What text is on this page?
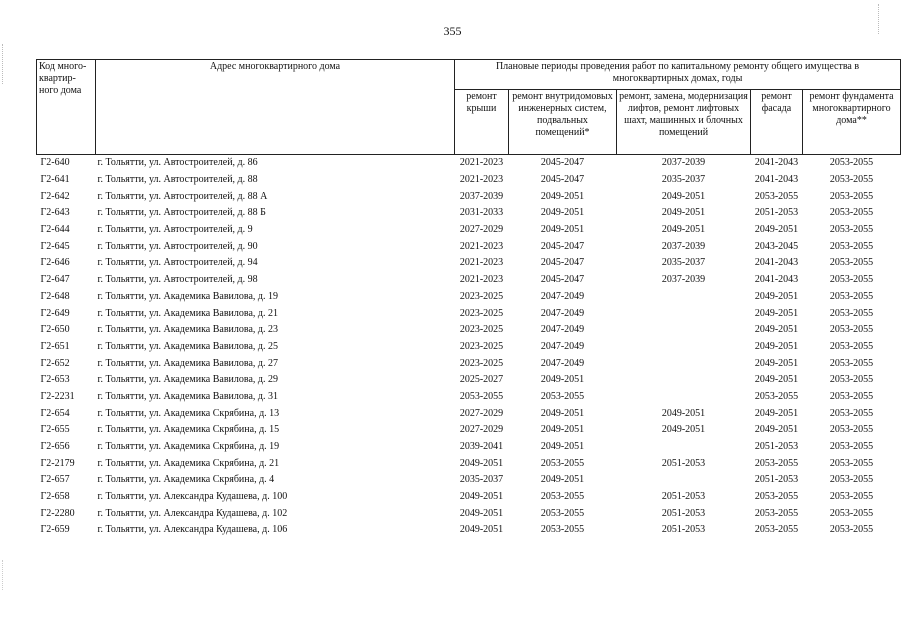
355
Код много-квартир-ного дома	Адрес многоквартирного дома	Плановые периоды проведения работ по капитальному ремонту общего имущества в многоквартирных домах, годы				
		ремонт крыши	ремонт внутридомовых инженерных систем, подвальных помещений*	ремонт, замена, модернизация лифтов, ремонт лифтовых шахт, машинных и блочных помещений	ремонт фасада	ремонт фундамента многоквартирного дома**
Г2-640	г. Тольятти, ул. Автостроителей, д. 86	2021-2023	2045-2047	2037-2039	2041-2043	2053-2055
Г2-641	г. Тольятти, ул. Автостроителей, д. 88	2021-2023	2045-2047	2035-2037	2041-2043	2053-2055
Г2-642	г. Тольятти, ул. Автостроителей, д. 88 А	2037-2039	2049-2051	2049-2051	2053-2055	2053-2055
Г2-643	г. Тольятти, ул. Автостроителей, д. 88 Б	2031-2033	2049-2051	2049-2051	2051-2053	2053-2055
Г2-644	г. Тольятти, ул. Автостроителей, д. 9	2027-2029	2049-2051	2049-2051	2049-2051	2053-2055
Г2-645	г. Тольятти, ул. Автостроителей, д. 90	2021-2023	2045-2047	2037-2039	2043-2045	2053-2055
Г2-646	г. Тольятти, ул. Автостроителей, д. 94	2021-2023	2045-2047	2035-2037	2041-2043	2053-2055
Г2-647	г. Тольятти, ул. Автостроителей, д. 98	2021-2023	2045-2047	2037-2039	2041-2043	2053-2055
Г2-648	г. Тольятти, ул. Академика Вавилова, д. 19	2023-2025	2047-2049		2049-2051	2053-2055
Г2-649	г. Тольятти, ул. Академика Вавилова, д. 21	2023-2025	2047-2049		2049-2051	2053-2055
Г2-650	г. Тольятти, ул. Академика Вавилова, д. 23	2023-2025	2047-2049		2049-2051	2053-2055
Г2-651	г. Тольятти, ул. Академика Вавилова, д. 25	2023-2025	2047-2049		2049-2051	2053-2055
Г2-652	г. Тольятти, ул. Академика Вавилова, д. 27	2023-2025	2047-2049		2049-2051	2053-2055
Г2-653	г. Тольятти, ул. Академика Вавилова, д. 29	2025-2027	2049-2051		2049-2051	2053-2055
Г2-2231	г. Тольятти, ул. Академика Вавилова, д. 31	2053-2055	2053-2055		2053-2055	2053-2055
Г2-654	г. Тольятти, ул. Академика Скрябина, д. 13	2027-2029	2049-2051	2049-2051	2049-2051	2053-2055
Г2-655	г. Тольятти, ул. Академика Скрябина, д. 15	2027-2029	2049-2051	2049-2051	2049-2051	2053-2055
Г2-656	г. Тольятти, ул. Академика Скрябина, д. 19	2039-2041	2049-2051		2051-2053	2053-2055
Г2-2179	г. Тольятти, ул. Академика Скрябина, д. 21	2049-2051	2053-2055	2051-2053	2053-2055	2053-2055
Г2-657	г. Тольятти, ул. Академика Скрябина, д. 4	2035-2037	2049-2051		2051-2053	2053-2055
Г2-658	г. Тольятти, ул. Александра Кудашева, д. 100	2049-2051	2053-2055	2051-2053	2053-2055	2053-2055
Г2-2280	г. Тольятти, ул. Александра Кудашева, д. 102	2049-2051	2053-2055	2051-2053	2053-2055	2053-2055
Г2-659	г. Тольятти, ул. Александра Кудашева, д. 106	2049-2051	2053-2055	2051-2053	2053-2055	2053-2055
